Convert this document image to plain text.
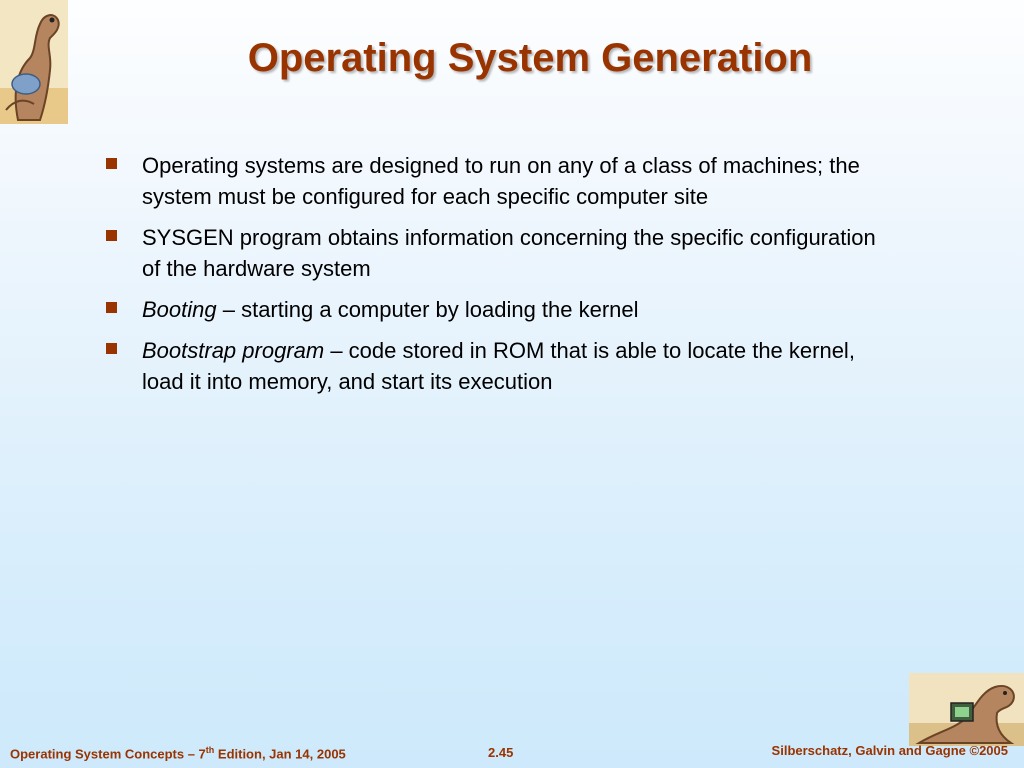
Operating System Generation
Operating systems are designed to run on any of a class of machines; the system must be configured for each specific computer site
SYSGEN program obtains information concerning the specific configuration of the hardware system
Booting – starting a computer by loading the kernel
Bootstrap program – code stored in ROM that is able to locate the kernel, load it into memory, and start its execution
Operating System Concepts – 7th Edition, Jan 14, 2005	2.45	Silberschatz, Galvin and Gagne ©2005
